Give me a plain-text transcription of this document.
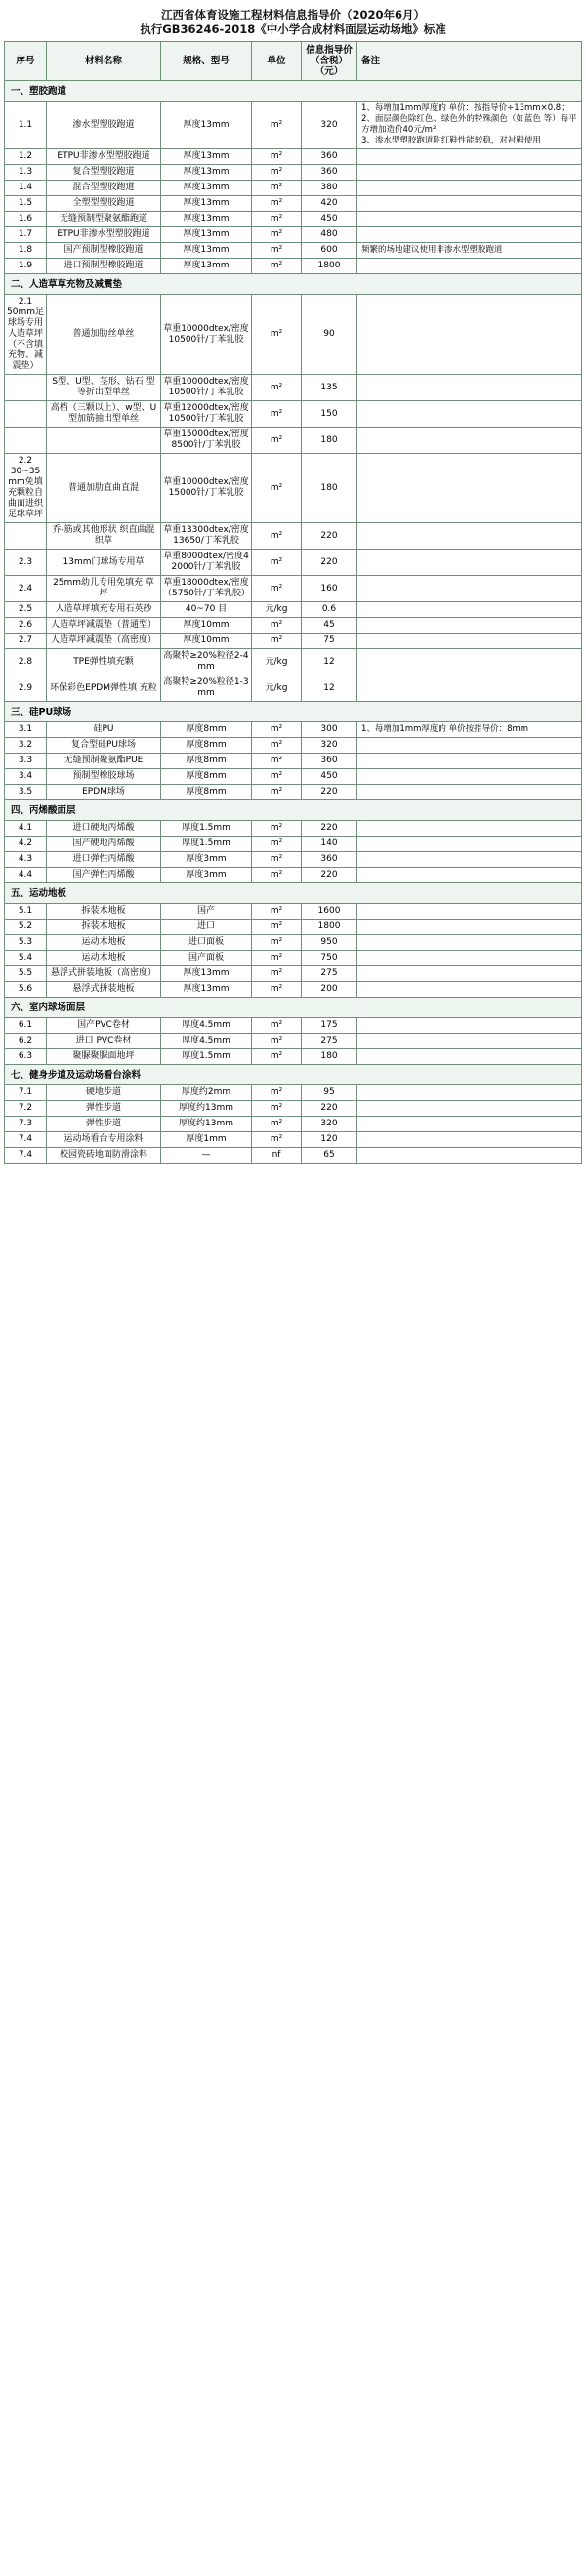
江西省体育设施工程材料信息指导价（2020年6月）
执行GB36246-2018《中小学合成材料面层运动场地》标准
序号	材料名称	规格、型号	单位	信息指导价（含税）（元）	备注
一、塑胶跑道					
1.1	渗水型塑胶跑道	厚度13mm	m²	320	1、每增加1mm厚度的 单价：按指导价÷13mm×0.8；
2、面层颜色除红色、绿色外的特殊颜色（如蓝色 等）每平方增加造价40元/m²
3、渗水型塑胶跑道附红鞋性能较稳，对衬鞋使用
1.2	ETPU非渗水型塑胶跑道	厚度13mm	m²	360	
1.3	复合型塑胶跑道	厚度13mm	m²	360	
1.4	混合型塑胶跑道	厚度13mm	m²	380	
1.5	全塑型塑胶跑道	厚度13mm	m²	420	
1.6	无缝预制型聚氨酯跑道	厚度13mm	m²	450	
1.7	ETPU非渗水型塑胶跑道	厚度13mm	m²	480	
1.8	国产预制型橡胶跑道	厚度13mm	m²	600	频繁的场地建议使用非渗水型塑胶跑道
1.9	进口预制型橡胶跑道	厚度13mm	m²	1800	
二、人造草草充物及减震垫					
2.1
50mm足球场专用人造草坪（不含填充物、减震垫）	普通加肋丝单丝	草重10000dtex/密度10500针/丁苯乳胶	m²	90	
	S型、U型、茎形、钻石 型等折出型单丝	草重10000dtex/密度10500针/丁苯乳胶	m²	135	
	高档（三颗以上）、w型、U型加筋抽出型单丝	草重12000dtex/密度10500针/丁苯乳胶	m²	150	
		草重15000dtex/密度8500针/丁苯乳胶	m²	180	
2.2
30~35mm免填充颗粒自曲面进织足球草坪	普通加肋直曲直混	草重10000dtex/密度15000针/丁苯乳胶	m²	180	
	乔-筋或其他形状 织直曲混 织草	草重13300dtex/密度13650/丁苯乳胶	m²	220	
2.3	13mm门球场专用草	草重8000dtex/密度42000针/丁苯乳胶	m²	220	
2.4	25mm幼儿专用免填充 草坪	草重18000dtex/密度（5750针/丁苯乳胶）	m²	160	
2.5	人造草坪填充专用石英砂	40~70 目	元/kg	0.6	
2.6	人造草坪减震垫（普通型）	厚度10mm	m²	45	
2.7	人造草坪减震垫（高密度）	厚度10mm	m²	75	
2.8	TPE弹性填充颗	高聚特≥20%粒径2-4mm	元/kg	12	
2.9	环保彩色EPDM弹性填 充粒	高聚特≥20%粒径1-3mm	元/kg	12	
三、硅PU球场					
3.1	硅PU	厚度8mm	m²	300	1、每增加1mm厚度的 单价按指导价：8mm
3.2	复合型硅PU球场	厚度8mm	m²	320	
3.3	无缝预制聚氨酯PUE	厚度8mm	m²	360	
3.4	预制型橡胶球场	厚度8mm	m²	450	
3.5	EPDM球场	厚度8mm	m²	220	
四、丙烯酸面层					
4.1	进口硬地丙烯酸	厚度1.5mm	m²	220	
4.2	国产硬地丙烯酸	厚度1.5mm	m²	140	
4.3	进口弹性丙烯酸	厚度3mm	m²	360	
4.4	国产弹性丙烯酸	厚度3mm	m²	220	
五、运动地板					
5.1	拆装木地板	国产	m²	1600	
5.2	拆装木地板	进口	m²	1800	
5.3	运动木地板	进口面板	m²	950	
5.4	运动木地板	国产面板	m²	750	
5.5	悬浮式拼装地板（高密度）	厚度13mm	m²	275	
5.6	悬浮式拼装地板	厚度13mm	m²	200	
六、室内球场面层					
6.1	国产PVC卷材	厚度4.5mm	m²	175	
6.2	进口 PVC卷材	厚度4.5mm	m²	275	
6.3	聚脲聚脲面地坪	厚度1.5mm	m²	180	
七、健身步道及运动场看台涂料					
7.1	硬地步道	厚度约2mm	m²	95	
7.2	弹性步道	厚度约13mm	m²	220	
7.3	弹性步道	厚度约13mm	m²	320	
7.4	运动场看台专用涂料	厚度1mm	m²	120	
7.4	校园瓷砖地面防滑涂料	—	nf	65	
